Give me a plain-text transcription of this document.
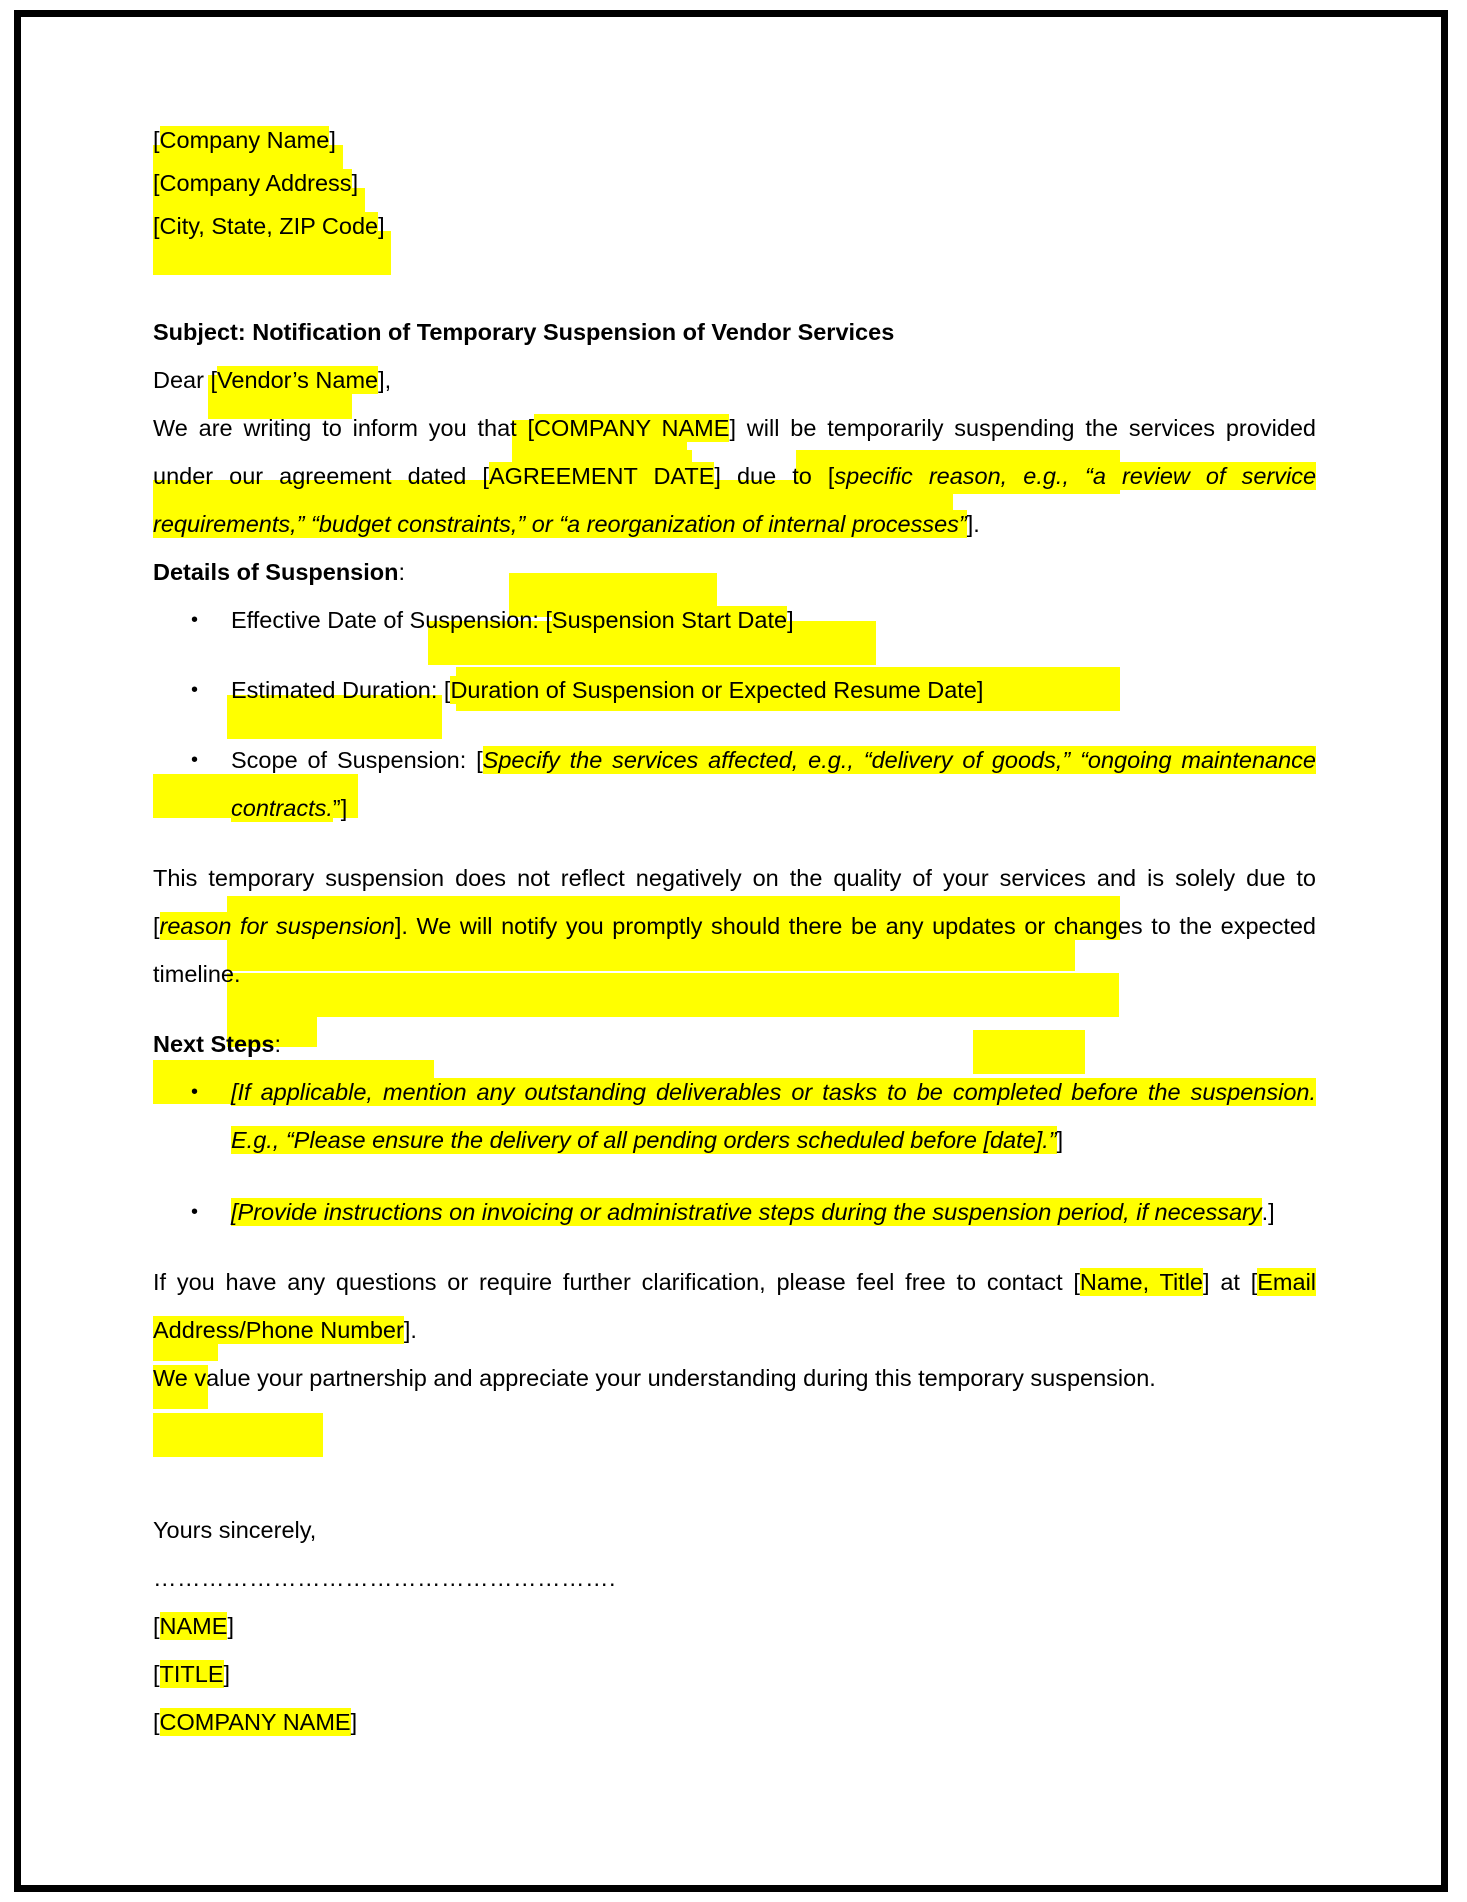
[Company Name]
[Company Address]
[City, State, ZIP Code]
Subject: Notification of Temporary Suspension of Vendor Services
Dear [Vendor’s Name],
We are writing to inform you that [COMPANY NAME] will be temporarily suspending the services provided under our agreement dated [AGREEMENT DATE] due to [specific reason, e.g., “a review of service requirements,” “budget constraints,” or “a reorganization of internal processes”].
Details of Suspension:
• Effective Date of Suspension: [Suspension Start Date]
• Estimated Duration: [Duration of Suspension or Expected Resume Date]
• Scope of Suspension: [Specify the services affected, e.g., “delivery of goods,” “ongoing maintenance contracts.”]
This temporary suspension does not reflect negatively on the quality of your services and is solely due to [reason for suspension]. We will notify you promptly should there be any updates or changes to the expected timeline.
Next Steps:
• [If applicable, mention any outstanding deliverables or tasks to be completed before the suspension. E.g., “Please ensure the delivery of all pending orders scheduled before [date].”]
• [Provide instructions on invoicing or administrative steps during the suspension period, if necessary.]
If you have any questions or require further clarification, please feel free to contact [Name, Title] at [Email Address/Phone Number].
We value your partnership and appreciate your understanding during this temporary suspension.
Yours sincerely,
………………………………………………….
[NAME]
[TITLE]
[COMPANY NAME]
